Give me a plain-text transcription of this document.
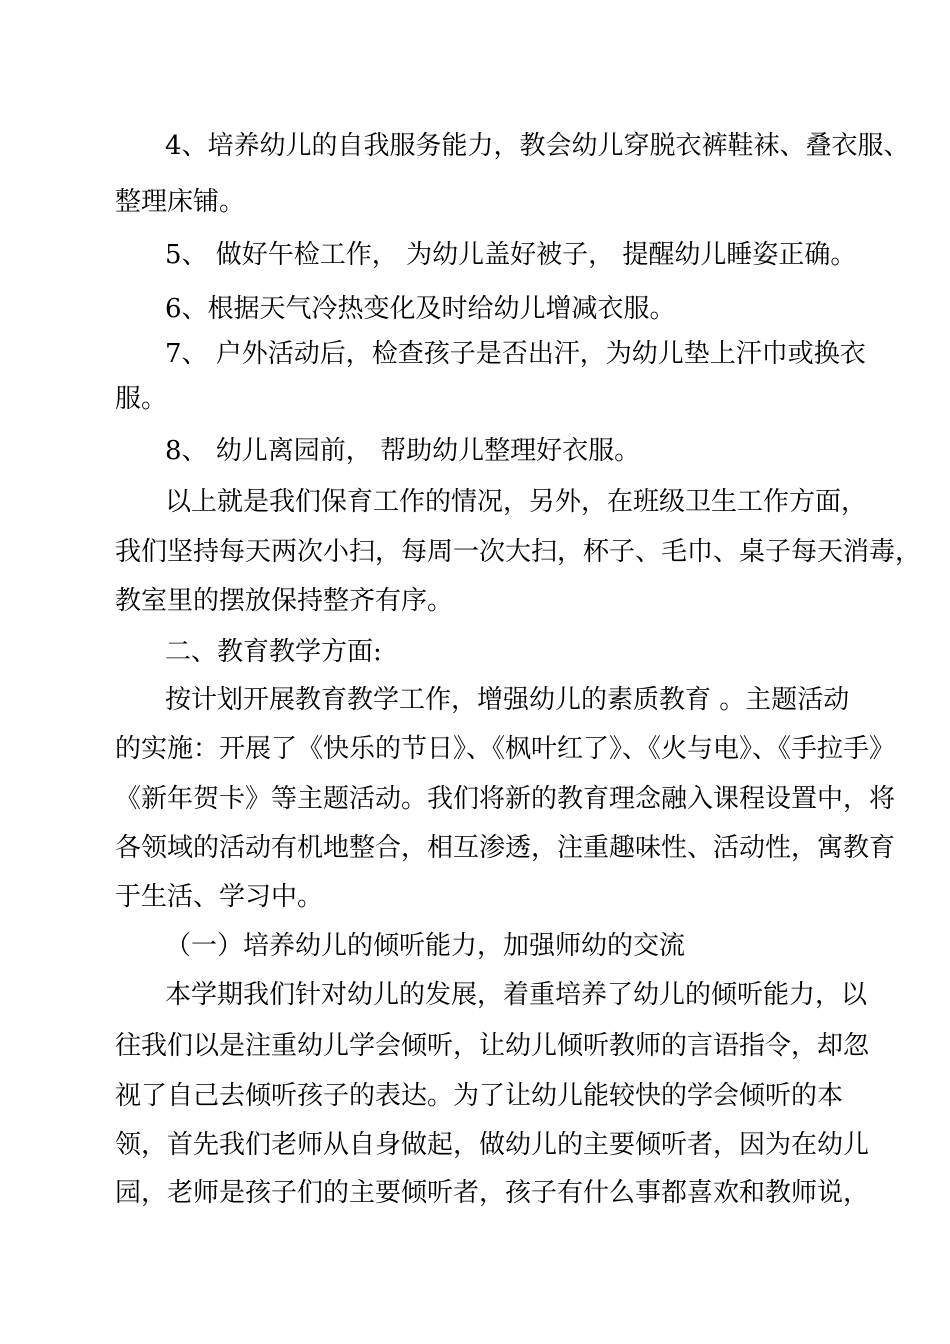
4、培养幼儿的自我服务能力，教会幼儿穿脱衣裤鞋袜、叠衣服、
整理床铺。
5、 做好午检工作， 为幼儿盖好被子， 提醒幼儿睡姿正确。
6、根据天气冷热变化及时给幼儿增减衣服。
7、 户外活动后，检查孩子是否出汗，为幼儿垫上汗巾或换衣
服。
8、 幼儿离园前， 帮助幼儿整理好衣服。
以上就是我们保育工作的情况，另外，在班级卫生工作方面，
我们坚持每天两次小扫，每周一次大扫，杯子、毛巾、桌子每天消毒，
教室里的摆放保持整齐有序。
二、教育教学方面:
按计划开展教育教学工作，增强幼儿的素质教育 。主题活动
的实施：开展了《快乐的节日》、《枫叶红了》、《火与电》、《手拉手》
《新年贺卡》等主题活动。我们将新的教育理念融入课程设置中，将
各领域的活动有机地整合，相互渗透，注重趣味性、活动性，寓教育
于生活、学习中。
（一）培养幼儿的倾听能力，加强师幼的交流
本学期我们针对幼儿的发展，着重培养了幼儿的倾听能力，以
往我们以是注重幼儿学会倾听，让幼儿倾听教师的言语指令，却忽
视了自己去倾听孩子的表达。为了让幼儿能较快的学会倾听的本
领，首先我们老师从自身做起，做幼儿的主要倾听者，因为在幼儿
园，老师是孩子们的主要倾听者，孩子有什么事都喜欢和教师说，
